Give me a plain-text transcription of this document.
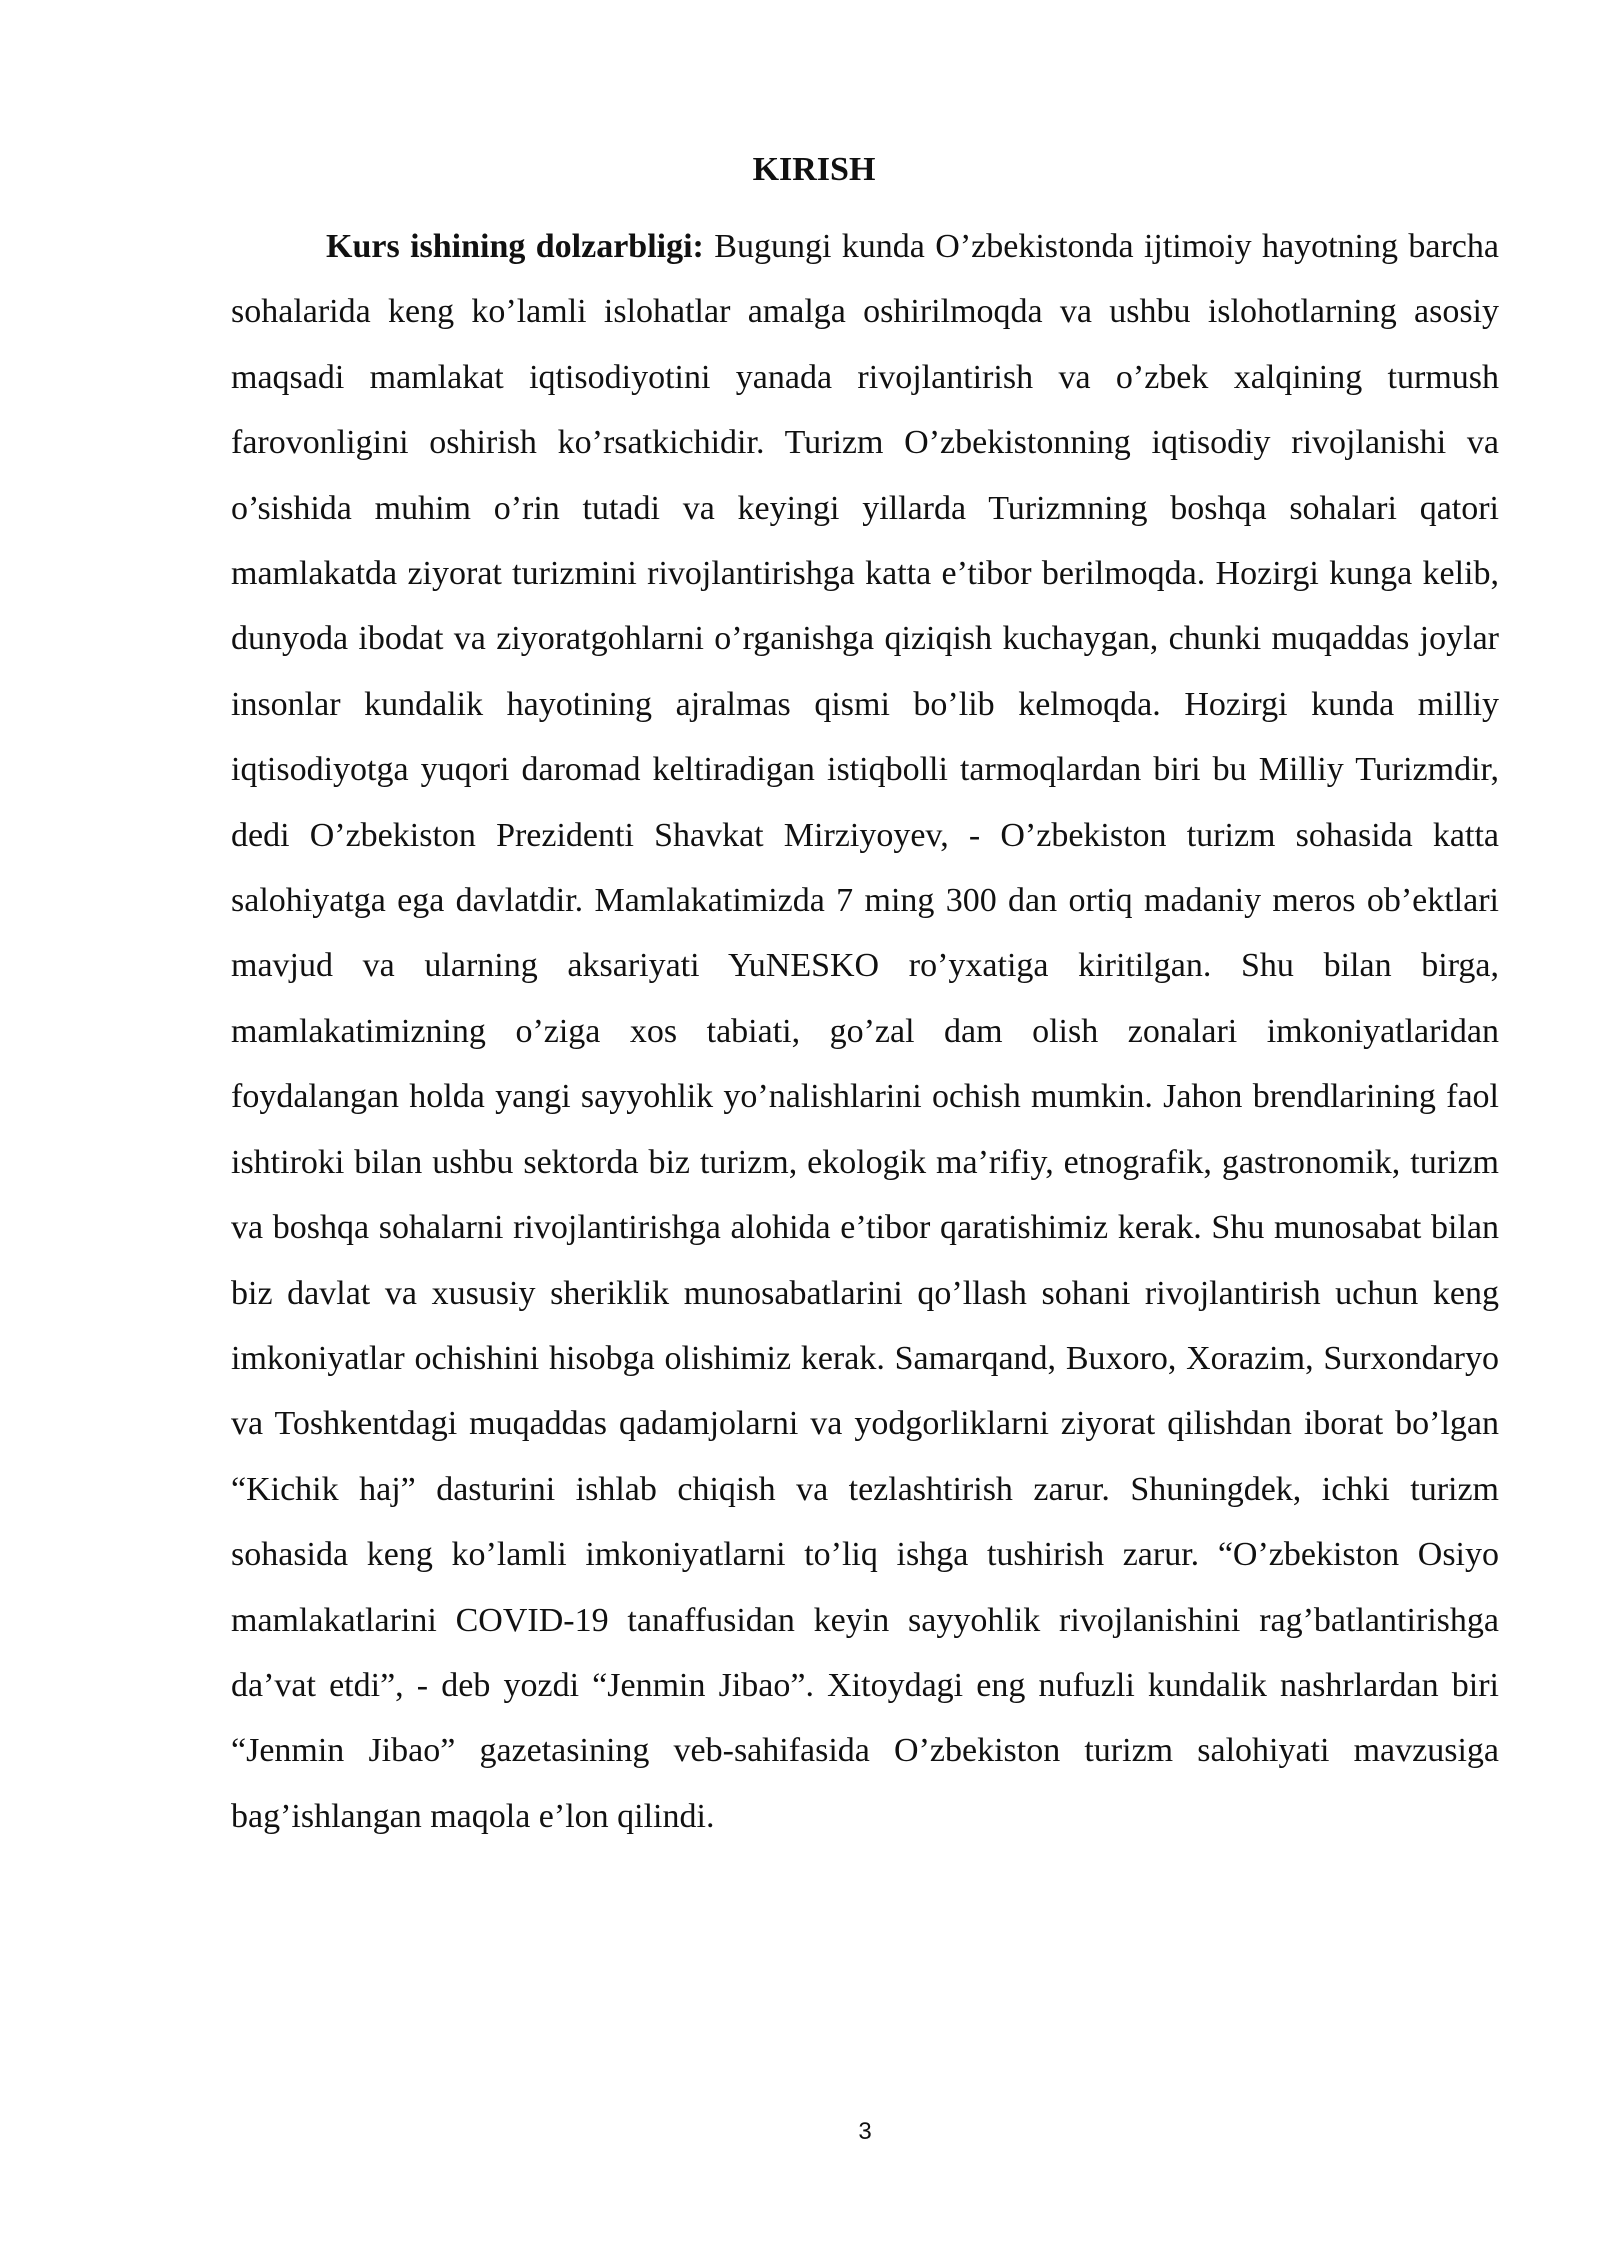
KIRISH

Kurs ishining dolzarbligi: Bugungi kunda O’zbekistonda ijtimoiy hayotning barcha sohalarida keng ko’lamli islohatlar amalga oshirilmoqda va ushbu islohotlarning asosiy maqsadi mamlakat iqtisodiyotini yanada rivojlantirish va o’zbek xalqining turmush farovonligini oshirish ko’rsatkichidir. Turizm O’zbekistonning iqtisodiy rivojlanishi va o’sishida muhim o’rin tutadi va keyingi yillarda Turizmning boshqa sohalari qatori mamlakatda ziyorat turizmini rivojlantirishga katta e’tibor berilmoqda. Hozirgi kunga kelib, dunyoda ibodat va ziyoratgohlarni o’rganishga qiziqish kuchaygan, chunki muqaddas joylar insonlar kundalik hayotining ajralmas qismi bo’lib kelmoqda. Hozirgi kunda milliy iqtisodiyotga yuqori daromad keltiradigan istiqbolli tarmoqlardan biri bu Milliy Turizmdir, dedi O’zbekiston Prezidenti Shavkat Mirziyoyev, - O’zbekiston turizm sohasida katta salohiyatga ega davlatdir. Mamlakatimizda 7 ming 300 dan ortiq madaniy meros ob’ektlari mavjud va ularning aksariyati YuNESKO ro’yxatiga kiritilgan. Shu bilan birga, mamlakatimizning o’ziga xos tabiati, go’zal dam olish zonalari imkoniyatlaridan foydalangan holda yangi sayyohlik yo’nalishlarini ochish mumkin. Jahon brendlarining faol ishtiroki bilan ushbu sektorda biz turizm, ekologik ma’rifiy, etnografik, gastronomik, turizm va boshqa sohalarni rivojlantirishga alohida e’tibor qaratishimiz kerak. Shu munosabat bilan biz davlat va xususiy sheriklik munosabatlarini qo’llash sohani rivojlantirish uchun keng imkoniyatlar ochishini hisobga olishimiz kerak. Samarqand, Buxoro, Xorazim, Surxondaryo va Toshkentdagi muqaddas qadamjolarni va yodgorliklarni ziyorat qilishdan iborat bo’lgan “Kichik haj” dasturini ishlab chiqish va tezlashtirish zarur. Shuningdek, ichki turizm sohasida keng ko’lamli imkoniyatlarni to’liq ishga tushirish zarur. “O’zbekiston Osiyo mamlakatlarini COVID-19 tanaffusidan keyin sayyohlik rivojlanishini rag’batlantirishga da’vat etdi”, - deb yozdi “Jenmin Jibao”. Xitoydagi eng nufuzli kundalik nashrlardan biri “Jenmin Jibao” gazetasining veb-sahifasida O’zbekiston turizm salohiyati mavzusiga bag’ishlangan maqola e’lon qilindi.

3
